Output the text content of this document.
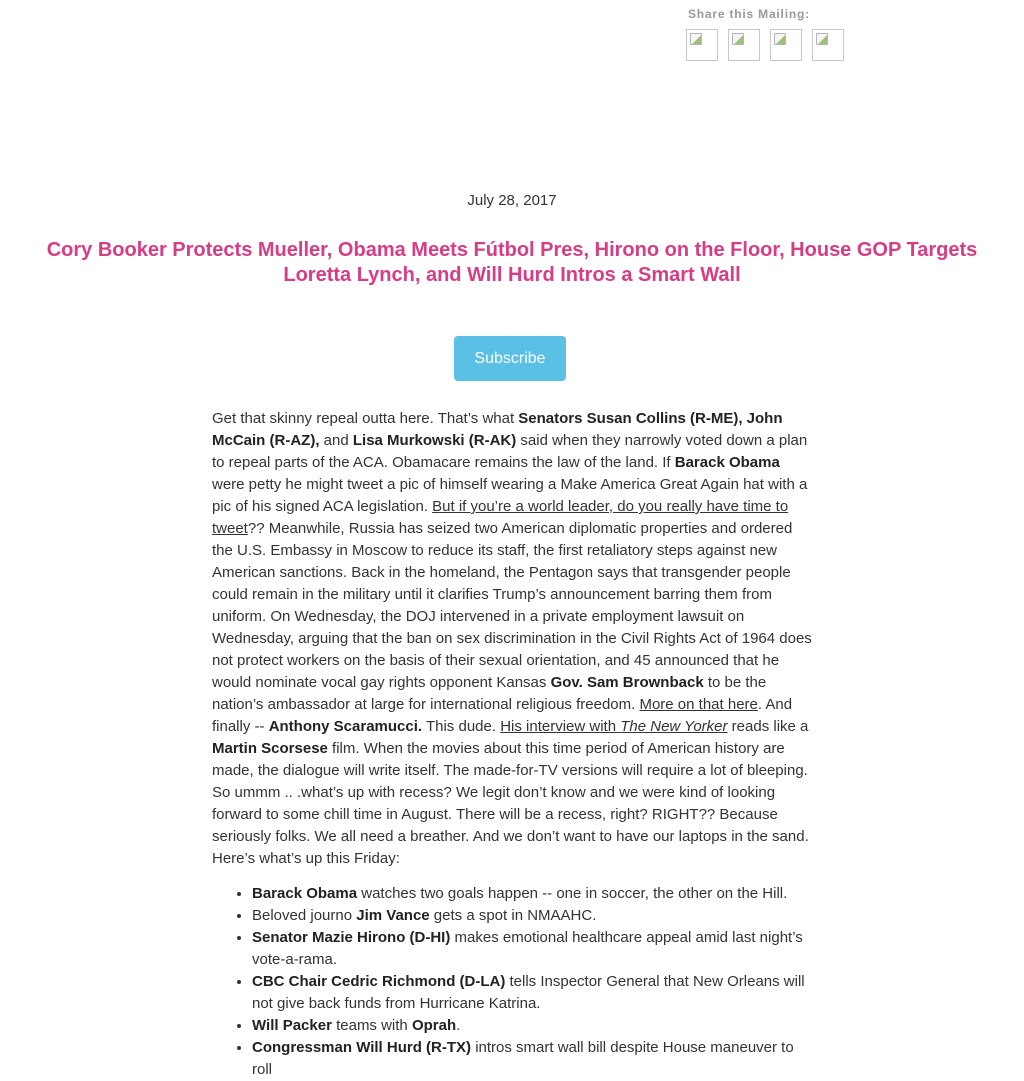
Share this Mailing:
July 28, 2017
Cory Booker Protects Mueller, Obama Meets Fútbol Pres, Hirono on the Floor, House GOP Targets Loretta Lynch, and Will Hurd Intros a Smart Wall
Subscribe

Get that skinny repeal outta here. That’s what Senators Susan Collins (R-ME), John McCain (R-AZ), and Lisa Murkowski (R-AK) said when they narrowly voted down a plan to repeal parts of the ACA. Obamacare remains the law of the land. If Barack Obama were petty he might tweet a pic of himself wearing a Make America Great Again hat with a pic of his signed ACA legislation. But if you’re a world leader, do you really have time to tweet?? Meanwhile, Russia has seized two American diplomatic properties and ordered the U.S. Embassy in Moscow to reduce its staff, the first retaliatory steps against new American sanctions. Back in the homeland, the Pentagon says that transgender people could remain in the military until it clarifies Trump’s announcement barring them from uniform. On Wednesday, the DOJ intervened in a private employment lawsuit on Wednesday, arguing that the ban on sex discrimination in the Civil Rights Act of 1964 does not protect workers on the basis of their sexual orientation, and 45 announced that he would nominate vocal gay rights opponent Kansas Gov. Sam Brownback to be the nation’s ambassador at large for international religious freedom. More on that here. And finally -- Anthony Scaramucci. This dude. His interview with The New Yorker reads like a Martin Scorsese film. When the movies about this time period of American history are made, the dialogue will write itself. The made-for-TV versions will require a lot of bleeping. So ummm .. .what’s up with recess? We legit don’t know and we were kind of looking forward to some chill time in August. There will be a recess, right? RIGHT?? Because seriously folks. We all need a breather. And we don’t want to have our laptops in the sand. Here’s what’s up this Friday:

• Barack Obama watches two goals happen -- one in soccer, the other on the Hill.
• Beloved journo Jim Vance gets a spot in NMAAHC.
• Senator Mazie Hirono (D-HI) makes emotional healthcare appeal amid last night’s vote-a-rama.
• CBC Chair Cedric Richmond (D-LA) tells Inspector General that New Orleans will not give back funds from Hurricane Katrina.
• Will Packer teams with Oprah.
• Congressman Will Hurd (R-TX) intros smart wall bill despite House maneuver to roll
